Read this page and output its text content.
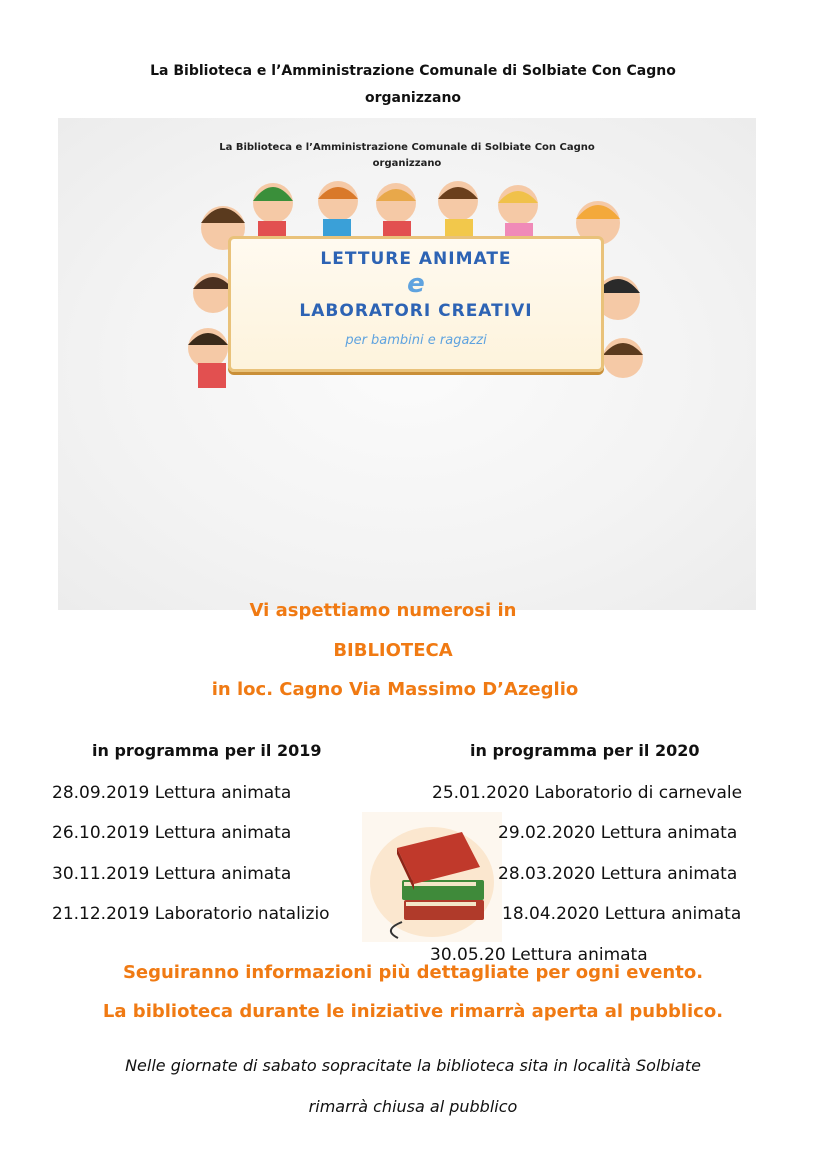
La Biblioteca e l’Amministrazione Comunale di Solbiate Con Cagno
organizzano
La Biblioteca e l’Amministrazione Comunale di Solbiate Con Cagno
organizzano
LETTURE ANIMATE
e
LABORATORI CREATIVI
per bambini e ragazzi
Vi aspettiamo numerosi in
BIBLIOTECA
in loc. Cagno Via Massimo D’Azeglio
in programma per il 2019
28.09.2019 Lettura animata
26.10.2019 Lettura animata
30.11.2019 Lettura animata
21.12.2019 Laboratorio natalizio
in programma per il 2020
25.01.2020 Laboratorio di carnevale
29.02.2020 Lettura animata
28.03.2020 Lettura animata
18.04.2020 Lettura animata
30.05.20 Lettura animata
Seguiranno informazioni più dettagliate per ogni evento.
La biblioteca durante le iniziative rimarrà aperta al pubblico.
Nelle giornate di sabato sopracitate la biblioteca sita in località Solbiate
rimarrà chiusa al pubblico
